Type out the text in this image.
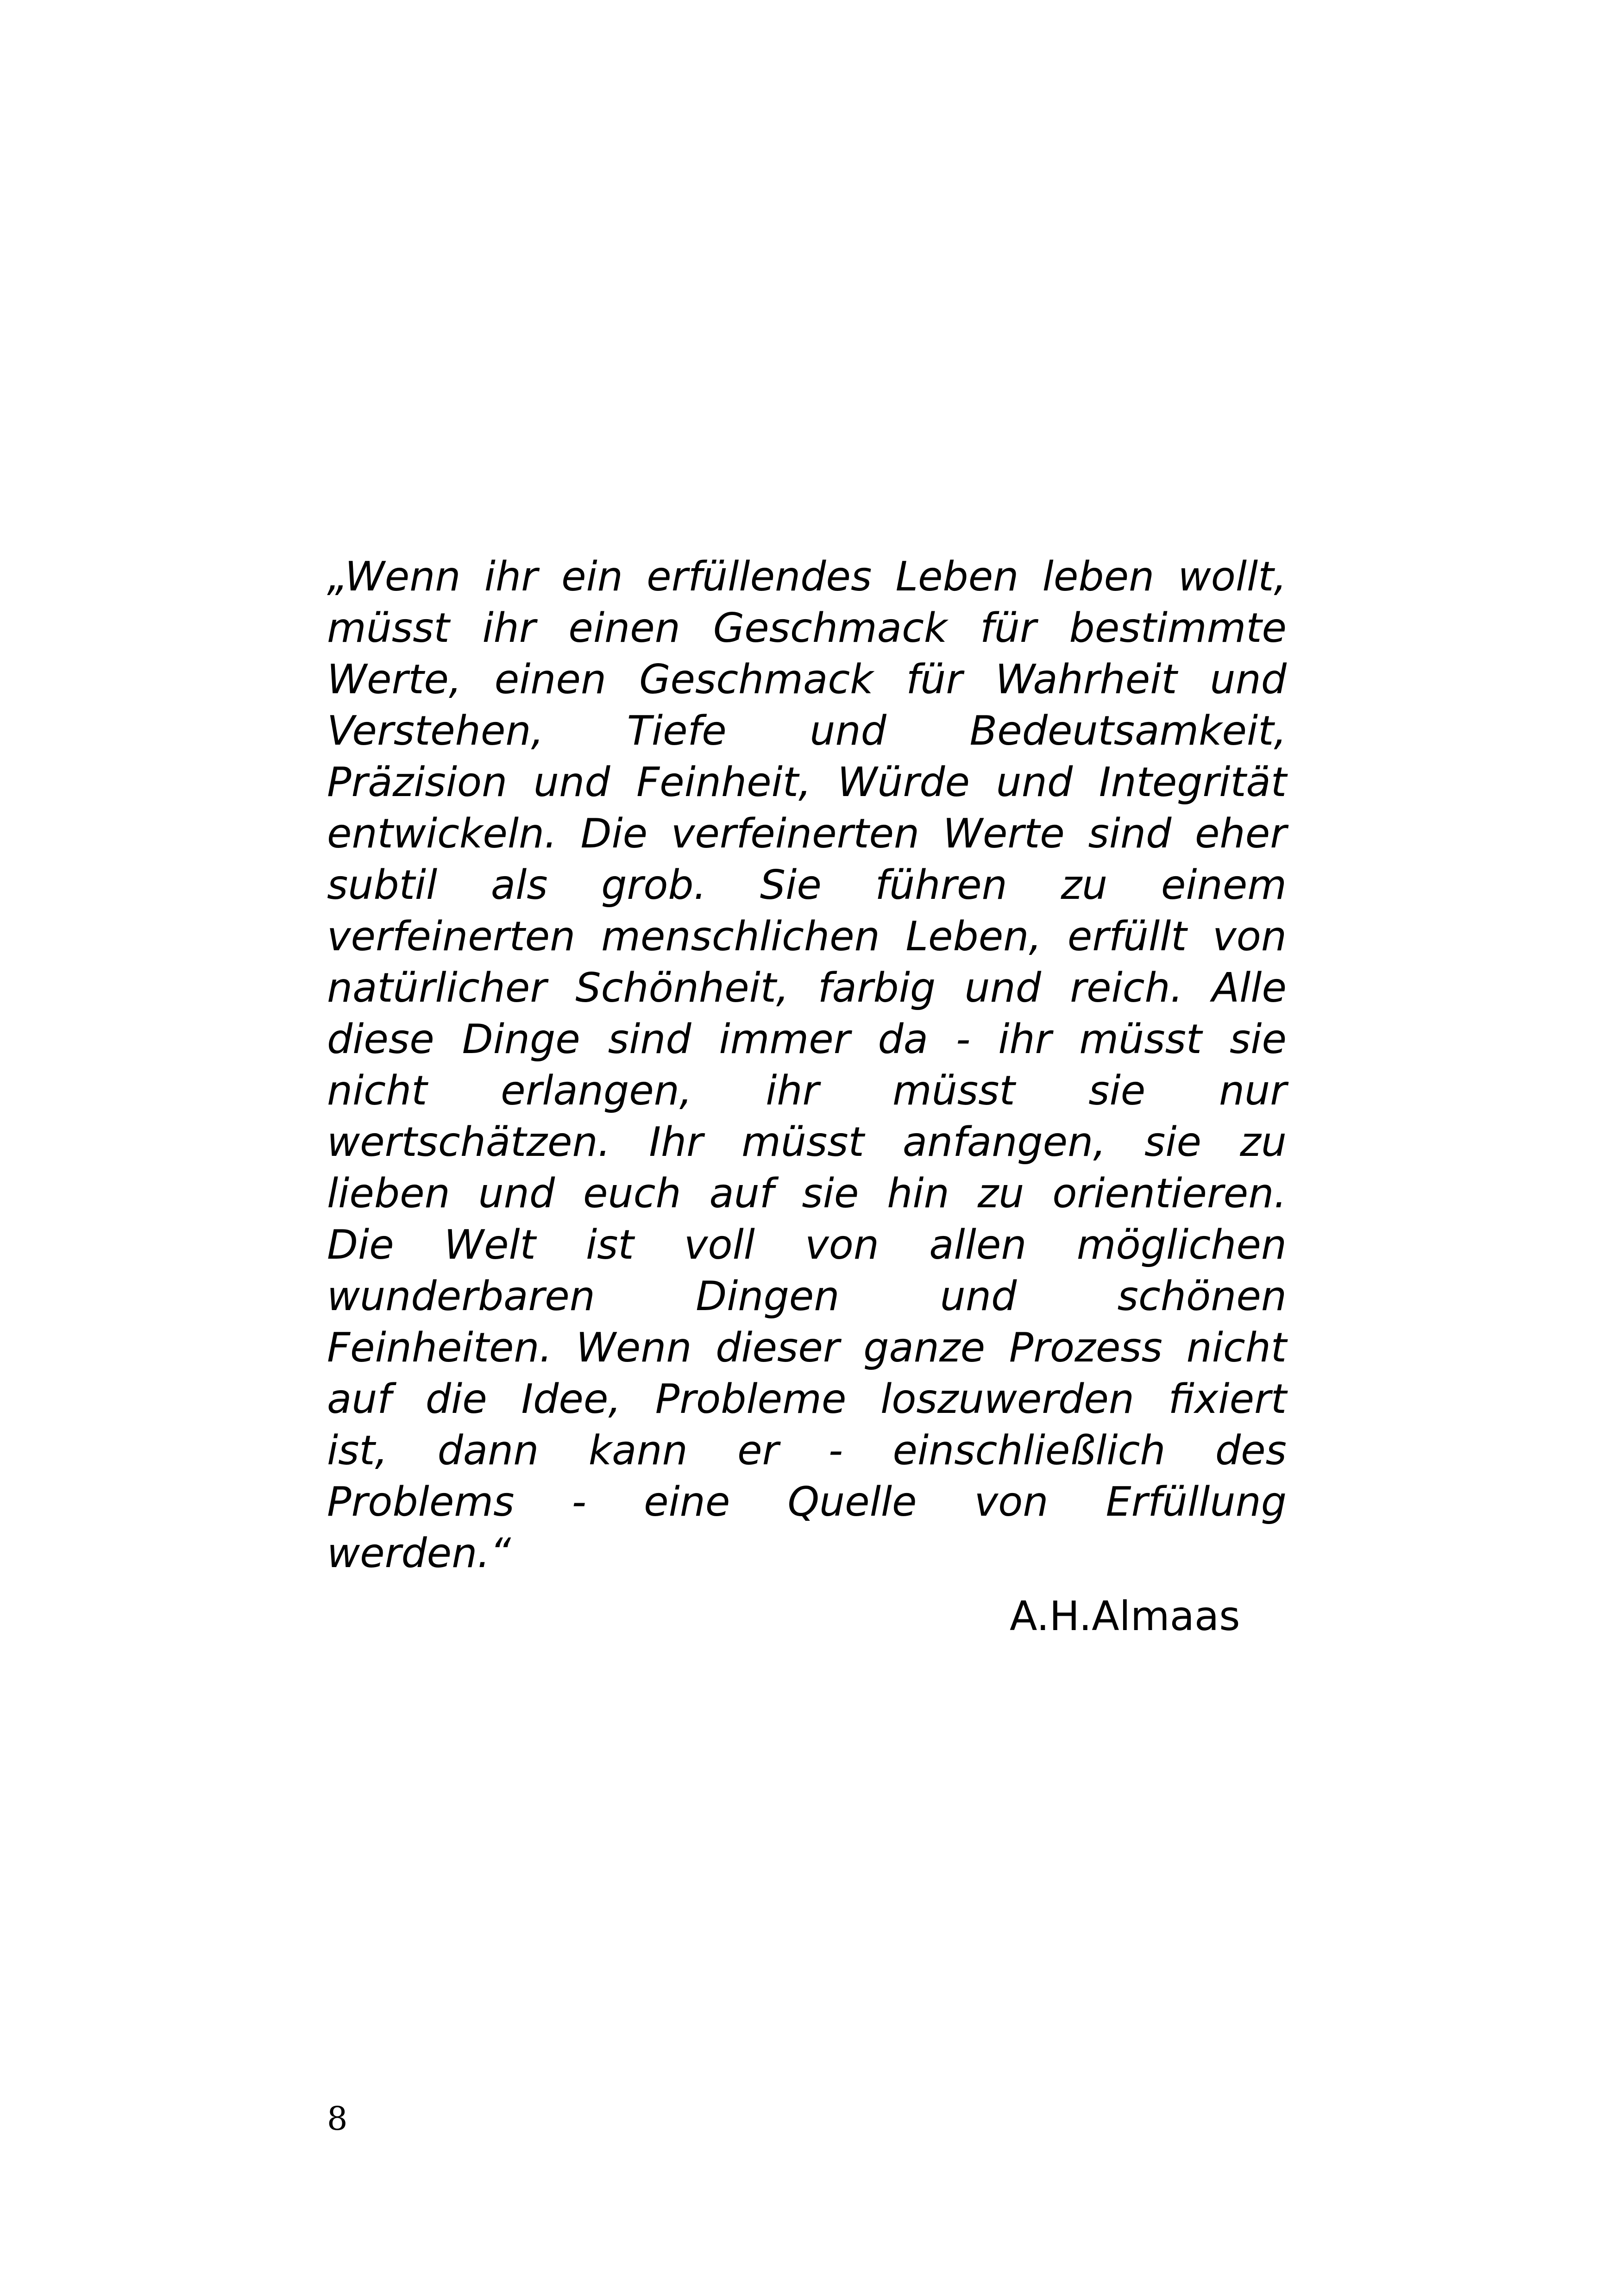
„Wenn ihr ein erfüllendes Leben leben wollt,
müsst ihr einen Geschmack für bestimmte
Werte, einen Geschmack für Wahrheit und
Verstehen, Tiefe und Bedeutsamkeit,
Präzision und Feinheit, Würde und Integrität
entwickeln. Die verfeinerten Werte sind eher
subtil als grob. Sie führen zu einem
verfeinerten menschlichen Leben, erfüllt von
natürlicher Schönheit, farbig und reich. Alle
diese Dinge sind immer da - ihr müsst sie
nicht erlangen, ihr müsst sie nur
wertschätzen. Ihr müsst anfangen, sie zu
lieben und euch auf sie hin zu orientieren.
Die Welt ist voll von allen möglichen
wunderbaren Dingen und schönen
Feinheiten. Wenn dieser ganze Prozess nicht
auf die Idee, Probleme loszuwerden fixiert
ist, dann kann er - einschließlich des
Problems - eine Quelle von Erfüllung
werden.“
A.H.Almaas
8
